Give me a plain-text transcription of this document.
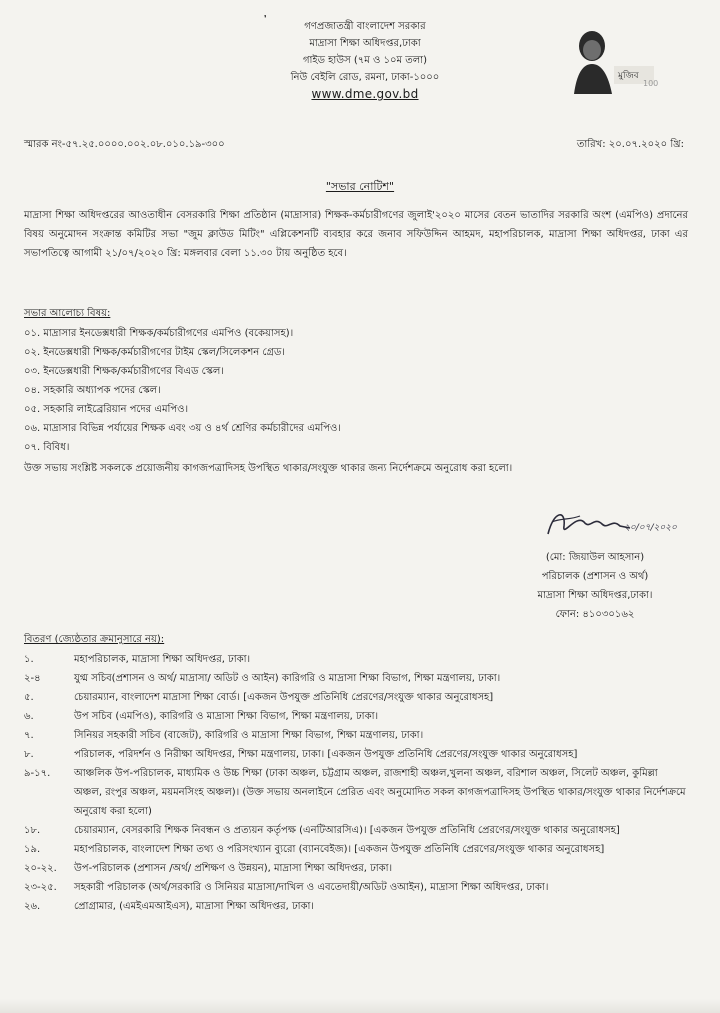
❜
গণপ্রজাতন্ত্রী বাংলাদেশ সরকার
মাদ্রাসা শিক্ষা অধিদপ্তর,ঢাকা
গাইড হাউস (৭ম ও ১০ম তলা)
নিউ বেইলি রোড, রমনা, ঢাকা-১০০০
www.dme.gov.bd
মুজিব
100
স্মারক নং-৫৭.২৫.০০০০.০০২.০৮.০১০.১৯-৩০০	তারিখ: ২০.০৭.২০২০ খ্রি:
"সভার নোটিশ"
মাদ্রাসা শিক্ষা অধিদপ্তরের আওতাধীন বেসরকারি শিক্ষা প্রতিষ্ঠান (মাদ্রাসার) শিক্ষক-কর্মচারীগণের জুলাই'২০২০ মাসের বেতন ভাতাদির সরকারি অংশ (এমপিও) প্রদানের বিষয় অনুমোদন সংক্রান্ত কমিটির সভা "জুম ক্লাউড মিটিং" এপ্লিকেশনটি ব্যবহার করে জনাব সফিউদ্দিন আহমদ, মহাপরিচালক, মাদ্রাসা শিক্ষা অধিদপ্তর, ঢাকা এর সভাপতিত্বে আগামী ২১/০৭/২০২০ খ্রি: মঙ্গলবার বেলা ১১.৩০ টায় অনুষ্ঠিত হবে।
সভার আলোচ্য বিষয়:
০১. মাদ্রাসার ইনডেক্সধারী শিক্ষক/কর্মচারীগণের এমপিও (বকেয়াসহ)।
০২. ইনডেক্সধারী শিক্ষক/কর্মচারীগণের টাইম স্কেল/সিলেকশন গ্রেড।
০৩. ইনডেক্সধারী শিক্ষক/কর্মচারীগণের বিএড স্কেল।
০৪. সহকারি অধ্যাপক পদের স্কেল।
০৫. সহকারি লাইব্রেরিয়ান পদের এমপিও।
০৬. মাদ্রাসার বিভিন্ন পর্যায়ের শিক্ষক এবং ৩য় ও ৪র্থ শ্রেণির কর্মচারীদের এমপিও।
০৭. বিবিধ।
উক্ত সভায় সংশ্লিষ্ট সকলকে প্রয়োজনীয় কাগজপত্রাদিসহ উপস্থিত থাকার/সংযুক্ত থাকার জন্য নির্দেশক্রমে অনুরোধ করা হলো।
২০/০৭/২০২০
(মো: জিয়াউল আহসান)
পরিচালক (প্রশাসন ও অর্থ)
মাদ্রাসা শিক্ষা অধিদপ্তর,ঢাকা।
ফোন: ৪১০৩০১৬২
বিতরণ (জ্যেষ্ঠতার ক্রমানুসারে নয়):
১.	মহাপরিচালক, মাদ্রাসা শিক্ষা অধিদপ্তর, ঢাকা।
২-৪	যুগ্ম সচিব(প্রশাসন ও অর্থ/ মাদ্রাসা/ অডিট ও আইন) কারিগরি ও মাদ্রাসা শিক্ষা বিভাগ, শিক্ষা মন্ত্রণালয়, ঢাকা।
৫.	চেয়ারম্যান, বাংলাদেশ মাদ্রাসা শিক্ষা বোর্ড। [একজন উপযুক্ত প্রতিনিধি প্রেরণের/সংযুক্ত থাকার অনুরোধসহ]
৬.	উপ সচিব (এমপিও), কারিগরি ও মাদ্রাসা শিক্ষা বিভাগ, শিক্ষা মন্ত্রণালয়, ঢাকা।
৭.	সিনিয়র সহকারী সচিব (বাজেট), কারিগরি ও মাদ্রাসা শিক্ষা বিভাগ, শিক্ষা মন্ত্রণালয়, ঢাকা।
৮.	পরিচালক, পরিদর্শন ও নিরীক্ষা অধিদপ্তর, শিক্ষা মন্ত্রণালয়, ঢাকা। [একজন উপযুক্ত প্রতিনিধি প্রেরণের/সংযুক্ত থাকার অনুরোধসহ]
৯-১৭.	আঞ্চলিক উপ-পরিচালক, মাধ্যমিক ও উচ্চ শিক্ষা (ঢাকা অঞ্চল, চট্টগ্রাম অঞ্চল, রাজশাহী অঞ্চল,খুলনা অঞ্চল, বরিশাল অঞ্চল, সিলেট অঞ্চল, কুমিল্লা অঞ্চল, রংপুর অঞ্চল, ময়মনসিংহ অঞ্চল)। (উক্ত সভায় অনলাইনে প্রেরিত এবং অনুমোদিত সকল কাগজপত্রাদিসহ উপস্থিত থাকার/সংযুক্ত থাকার নির্দেশক্রমে অনুরোধ করা হলো)
১৮.	চেয়ারম্যান, বেসরকারি শিক্ষক নিবন্ধন ও প্রত্যয়ন কর্তৃপক্ষ (এনটিআরসিএ)। [একজন উপযুক্ত প্রতিনিধি প্রেরণের/সংযুক্ত থাকার অনুরোধসহ]
১৯.	মহাপরিচালক, বাংলাদেশ শিক্ষা তথ্য ও পরিসংখ্যান ব্যুরো (ব্যানবেইজ)। [একজন উপযুক্ত প্রতিনিধি প্রেরণের/সংযুক্ত থাকার অনুরোধসহ]
২০-২২.	উপ-পরিচালক (প্রশাসন /অর্থ/ প্রশিক্ষণ ও উন্নয়ন), মাদ্রাসা শিক্ষা অধিদপ্তর, ঢাকা।
২৩-২৫.	সহকারী পরিচালক (অর্থ/সরকারি ও সিনিয়র মাদ্রাসা/দাখিল ও এবতেদায়ী/অডিট ওআইন), মাদ্রাসা শিক্ষা অধিদপ্তর, ঢাকা।
২৬.	প্রোগ্রামার, (এমইএমআইএস), মাদ্রাসা শিক্ষা অধিদপ্তর, ঢাকা।
